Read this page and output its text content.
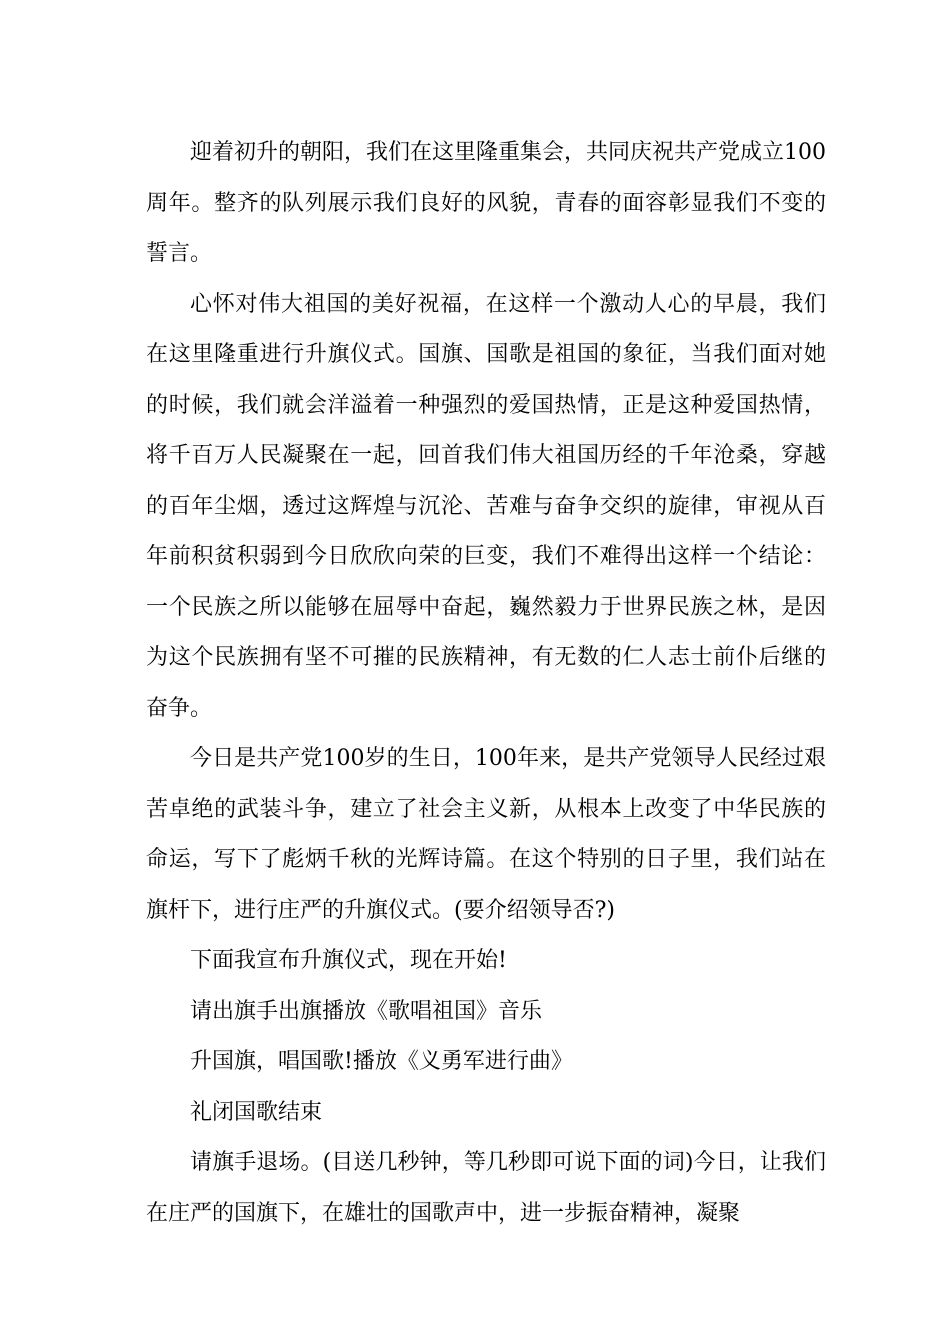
迎着初升的朝阳，我们在这里隆重集会，共同庆祝共产党成立100周年。整齐的队列展示我们良好的风貌，青春的面容彰显我们不变的誓言。

心怀对伟大祖国的美好祝福，在这样一个激动人心的早晨，我们在这里隆重进行升旗仪式。国旗、国歌是祖国的象征，当我们面对她的时候，我们就会洋溢着一种强烈的爱国热情，正是这种爱国热情，将千百万人民凝聚在一起，回首我们伟大祖国历经的千年沧桑，穿越的百年尘烟，透过这辉煌与沉沦、苦难与奋争交织的旋律，审视从百年前积贫积弱到今日欣欣向荣的巨变，我们不难得出这样一个结论：一个民族之所以能够在屈辱中奋起，巍然毅力于世界民族之林，是因为这个民族拥有坚不可摧的民族精神，有无数的仁人志士前仆后继的奋争。

今日是共产党100岁的生日，100年来，是共产党领导人民经过艰苦卓绝的武装斗争，建立了社会主义新，从根本上改变了中华民族的命运，写下了彪炳千秋的光辉诗篇。在这个特别的日子里，我们站在旗杆下，进行庄严的升旗仪式。(要介绍领导否?)

下面我宣布升旗仪式，现在开始!

请出旗手出旗播放《歌唱祖国》音乐

升国旗，唱国歌!播放《义勇军进行曲》

礼闭国歌结束

请旗手退场。(目送几秒钟，等几秒即可说下面的词)今日，让我们在庄严的国旗下，在雄壮的国歌声中，进一步振奋精神，凝聚
